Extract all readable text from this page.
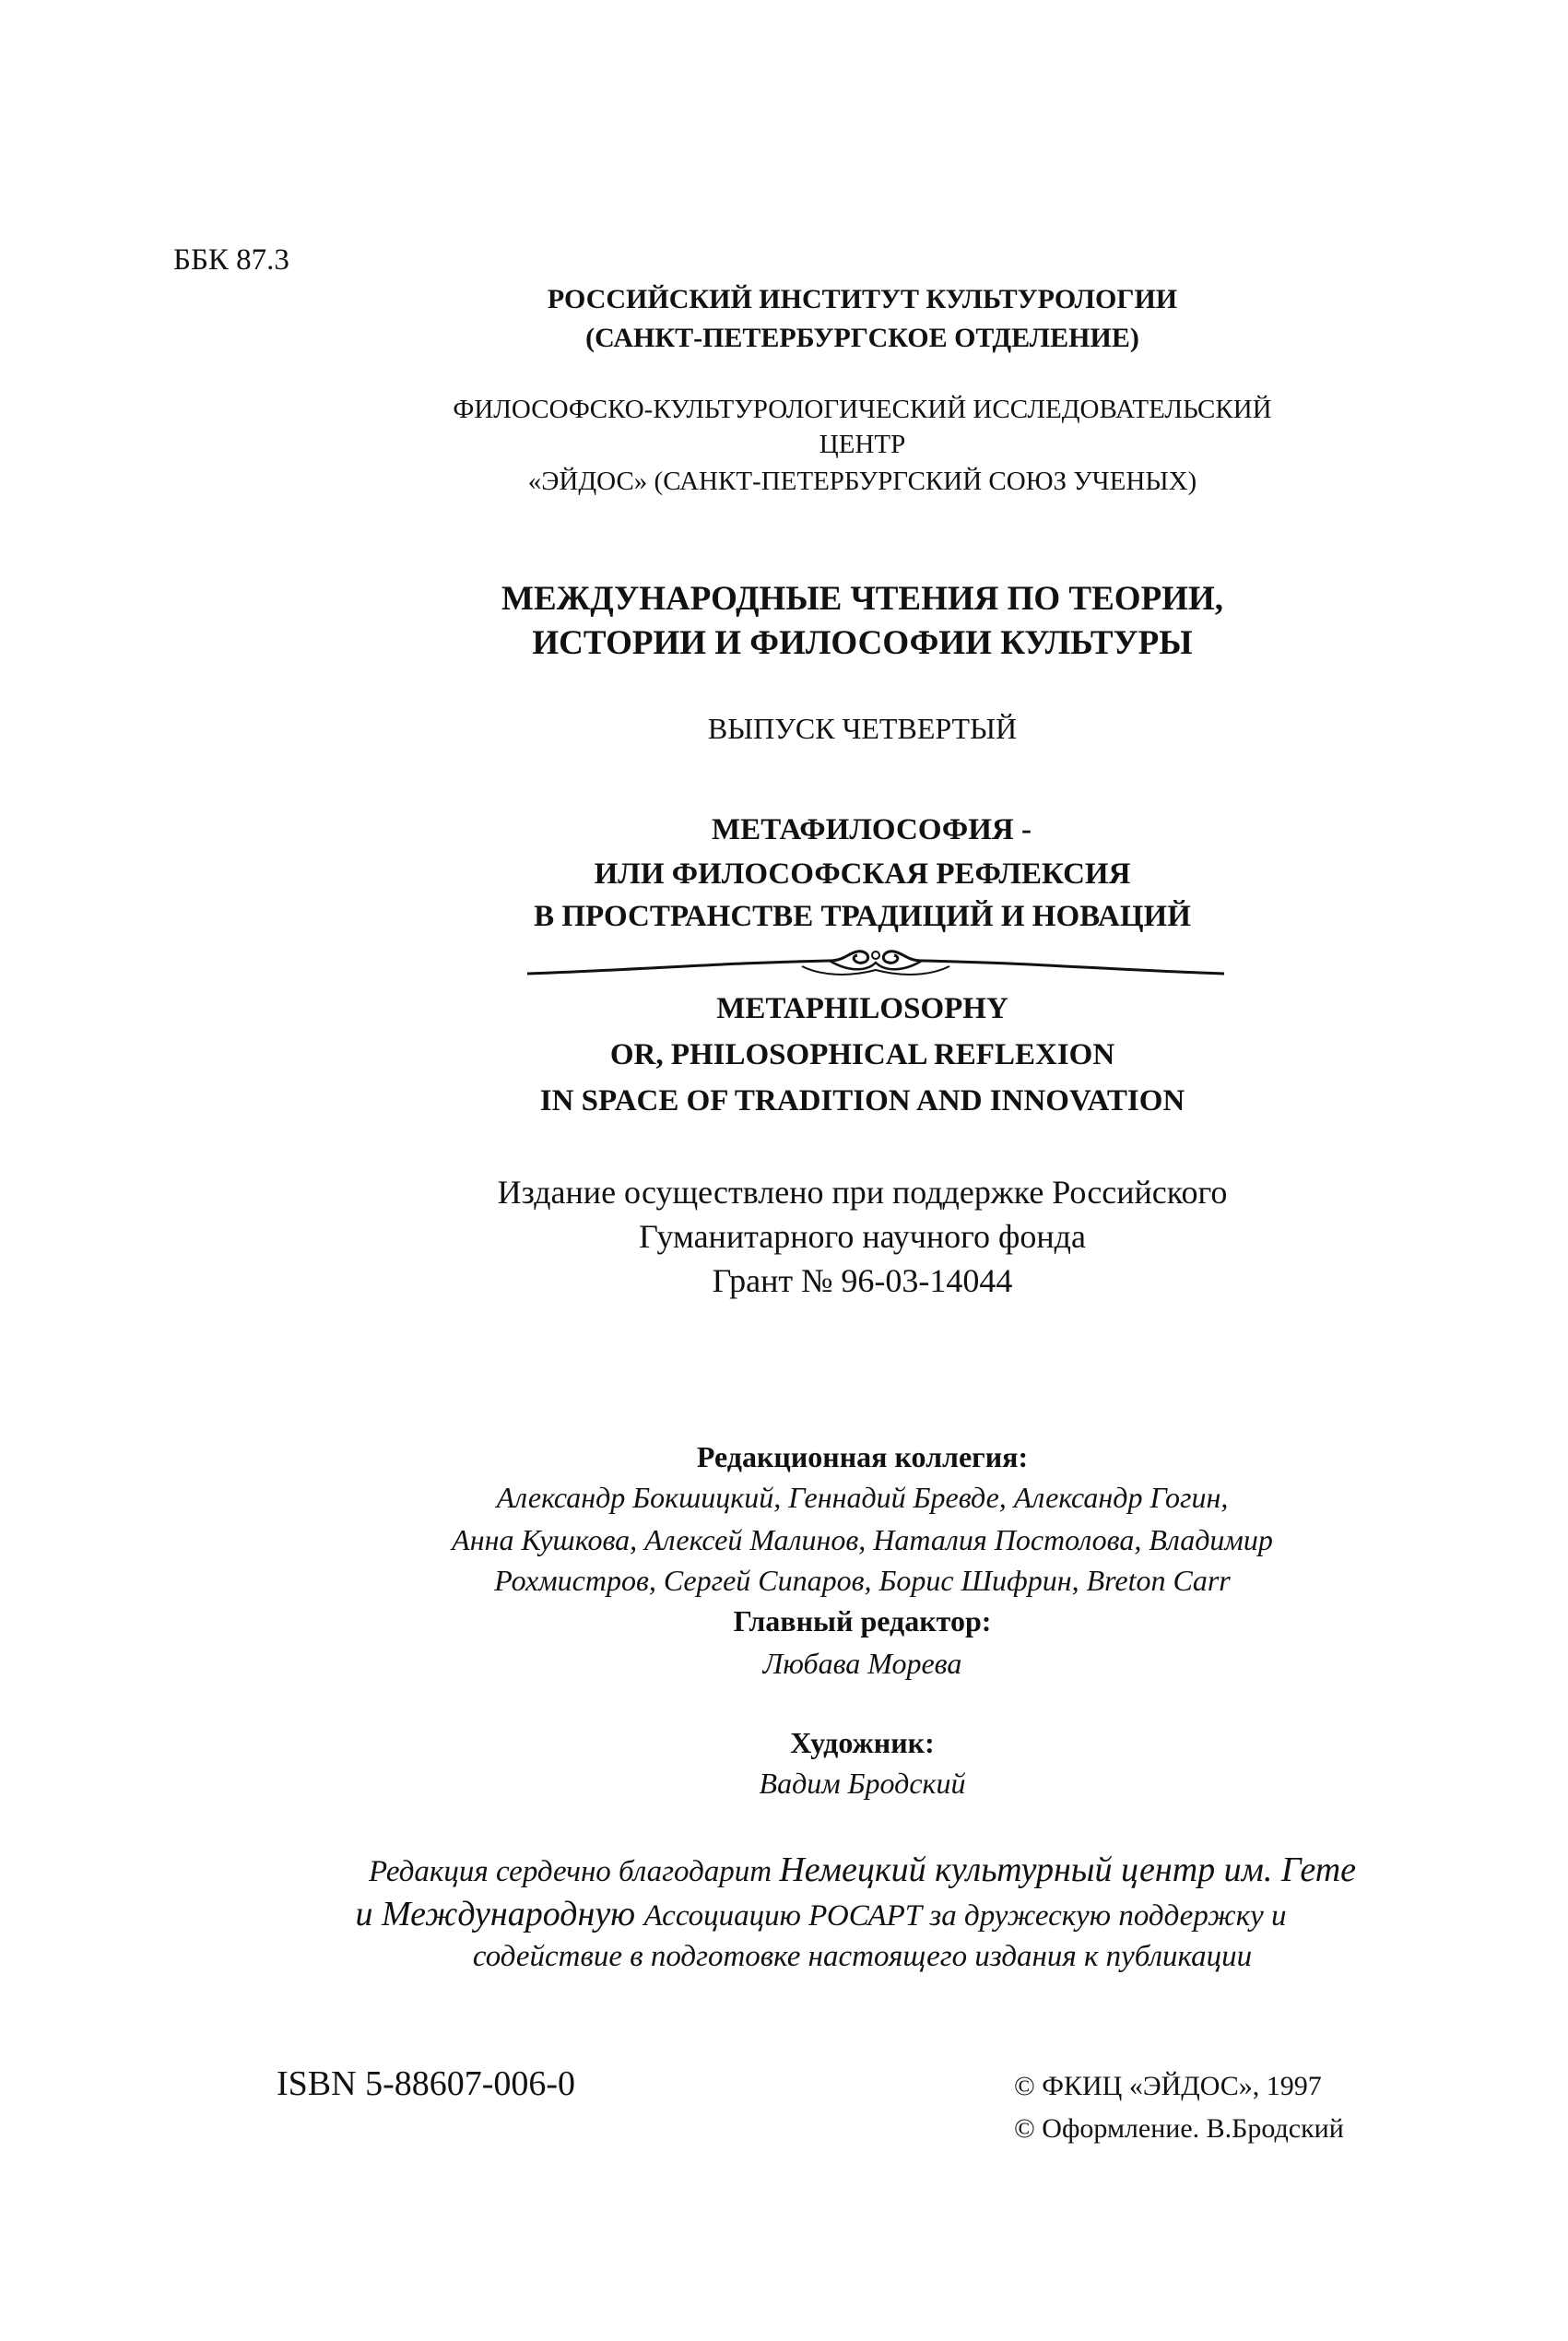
ББК 87.3
РОССИЙСКИЙ ИНСТИТУТ КУЛЬТУРОЛОГИИ
(САНКТ-ПЕТЕРБУРГСКОЕ ОТДЕЛЕНИЕ)
ФИЛОСОФСКО-КУЛЬТУРОЛОГИЧЕСКИЙ ИССЛЕДОВАТЕЛЬСКИЙ
ЦЕНТР
«ЭЙДОС» (САНКТ-ПЕТЕРБУРГСКИЙ СОЮЗ УЧЕНЫХ)
МЕЖДУНАРОДНЫЕ ЧТЕНИЯ ПО ТЕОРИИ,
ИСТОРИИ И ФИЛОСОФИИ КУЛЬТУРЫ
ВЫПУСК ЧЕТВЕРТЫЙ
МЕТАФИЛОСОФИЯ -
ИЛИ ФИЛОСОФСКАЯ РЕФЛЕКСИЯ
В ПРОСТРАНСТВЕ ТРАДИЦИЙ И НОВАЦИЙ
METAPHILOSOPHY
OR, PHILOSOPHICAL REFLEXION
IN SPACE OF TRADITION AND INNOVATION
Издание осуществлено при поддержке Российского
Гуманитарного научного фонда
Грант № 96-03-14044
Редакционная коллегия:
Александр Бокшицкий, Геннадий Бревде, Александр Гогин,
Анна Кушкова, Алексей Малинов, Наталия Постолова, Владимир
Рохмистров, Сергей Сипаров, Борис Шифрин, Breton Carr
Главный редактор:
Любава Морева
Художник:
Вадим Бродский
Редакция сердечно благодарит Немецкий культурный центр им. Гете
и Международную Ассоциацию РОСАРТ за дружескую поддержку и
содействие в подготовке настоящего издания к публикации
ISBN 5-88607-006-0	© ФКИЦ «ЭЙДОС», 1997
© Оформление. В.Бродский
